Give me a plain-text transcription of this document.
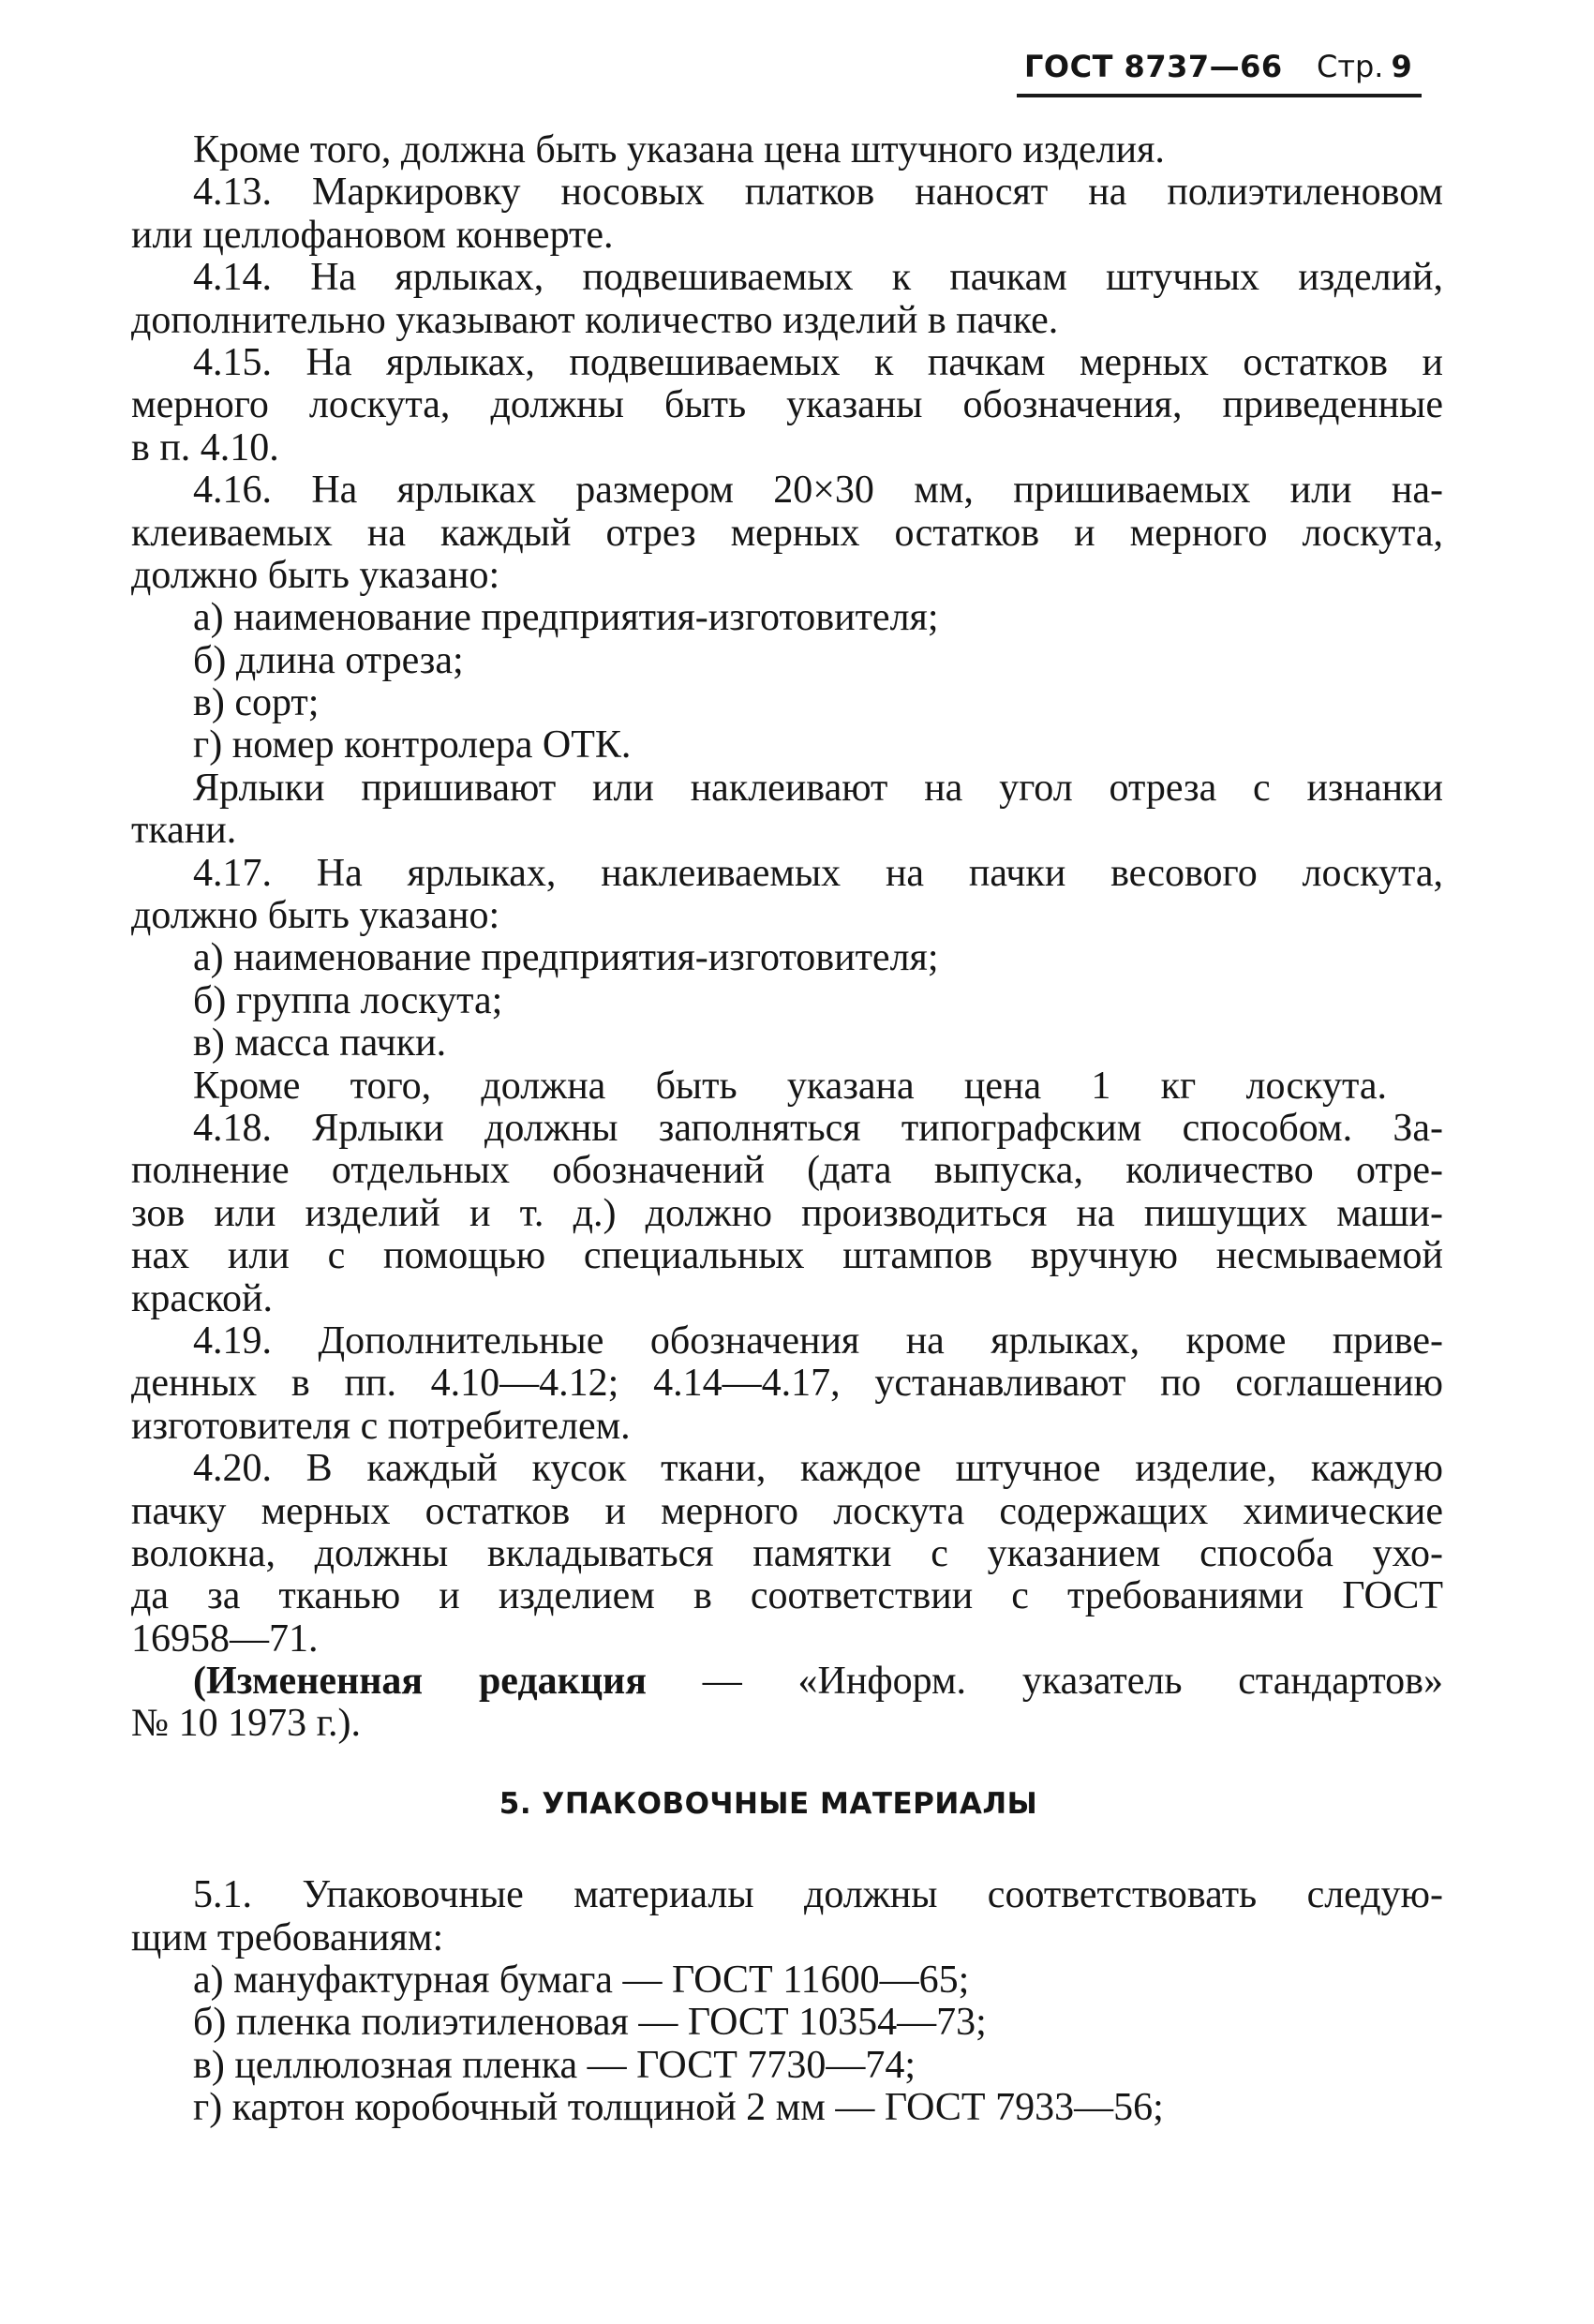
ГОСТ 8737—66 Стр. 9
Кроме того, должна быть указана цена штучного изделия.
4.13. Маркировку носовых платков наносят на полиэтиленовом
или целлофановом конверте.
4.14. На ярлыках, подвешиваемых к пачкам штучных изделий,
дополнительно указывают количество изделий в пачке.
4.15. На ярлыках, подвешиваемых к пачкам мерных остатков и
мерного лоскута, должны быть указаны обозначения, приведенные
в п. 4.10.
4.16. На ярлыках размером 20×30 мм, пришиваемых или на-
клеиваемых на каждый отрез мерных остатков и мерного лоскута,
должно быть указано:
а) наименование предприятия-изготовителя;
б) длина отреза;
в) сорт;
г) номер контролера ОТК.
Ярлыки пришивают или наклеивают на угол отреза с изнанки
ткани.
4.17. На ярлыках, наклеиваемых на пачки весового лоскута,
должно быть указано:
а) наименование предприятия-изготовителя;
б) группа лоскута;
в) масса пачки.
Кроме того, должна быть указана цена 1 кг лоскута.
4.18. Ярлыки должны заполняться типографским способом. За-
полнение отдельных обозначений (дата выпуска, количество отре-
зов или изделий и т. д.) должно производиться на пишущих маши-
нах или с помощью специальных штампов вручную несмываемой
краской.
4.19. Дополнительные обозначения на ярлыках, кроме приве-
денных в пп. 4.10—4.12; 4.14—4.17, устанавливают по соглашению
изготовителя с потребителем.
4.20. В каждый кусок ткани, каждое штучное изделие, каждую
пачку мерных остатков и мерного лоскута содержащих химические
волокна, должны вкладываться памятки с указанием способа ухо-
да за тканью и изделием в соответствии с требованиями ГОСТ
16958—71.
(Измененная редакция — «Информ. указатель стандартов»
№ 10 1973 г.).
5. УПАКОВОЧНЫЕ МАТЕРИАЛЫ
5.1. Упаковочные материалы должны соответствовать следую-
щим требованиям:
а) мануфактурная бумага — ГОСТ 11600—65;
б) пленка полиэтиленовая — ГОСТ 10354—73;
в) целлюлозная пленка — ГОСТ 7730—74;
г) картон коробочный толщиной 2 мм — ГОСТ 7933—56;
